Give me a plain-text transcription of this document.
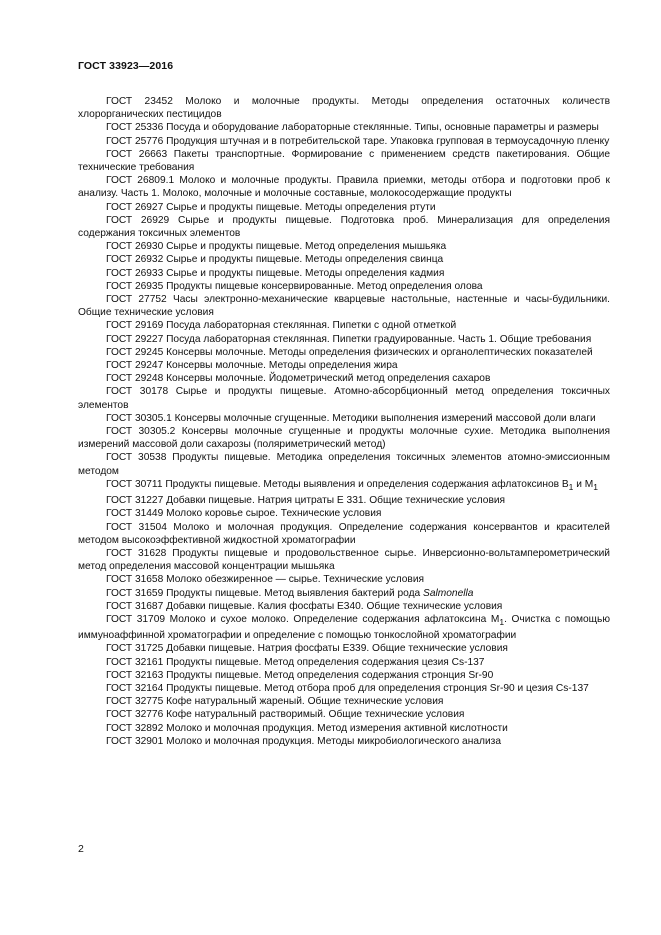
ГОСТ 33923—2016

ГОСТ 23452 Молоко и молочные продукты. Методы определения остаточных количеств хлорорганических пестицидов

ГОСТ 25336 Посуда и оборудование лабораторные стеклянные. Типы, основные параметры и размеры

ГОСТ 25776 Продукция штучная и в потребительской таре. Упаковка групповая в термоусадочную пленку

ГОСТ 26663 Пакеты транспортные. Формирование с применением средств пакетирования. Общие технические требования

ГОСТ 26809.1 Молоко и молочные продукты. Правила приемки, методы отбора и подготовки проб к анализу. Часть 1. Молоко, молочные и молочные составные, молокосодержащие продукты

ГОСТ 26927 Сырье и продукты пищевые. Методы определения ртути

ГОСТ 26929 Сырье и продукты пищевые. Подготовка проб. Минерализация для определения содержания токсичных элементов

ГОСТ 26930 Сырье и продукты пищевые. Метод определения мышьяка

ГОСТ 26932 Сырье и продукты пищевые. Методы определения свинца

ГОСТ 26933 Сырье и продукты пищевые. Методы определения кадмия

ГОСТ 26935 Продукты пищевые консервированные. Метод определения олова

ГОСТ 27752 Часы электронно-механические кварцевые настольные, настенные и часы-будильники. Общие технические условия

ГОСТ 29169 Посуда лабораторная стеклянная. Пипетки с одной отметкой

ГОСТ 29227 Посуда лабораторная стеклянная. Пипетки градуированные. Часть 1. Общие требования

ГОСТ 29245 Консервы молочные. Методы определения физических и органолептических показателей

ГОСТ 29247 Консервы молочные. Методы определения жира

ГОСТ 29248 Консервы молочные. Йодометрический метод определения сахаров

ГОСТ 30178 Сырье и продукты пищевые. Атомно-абсорбционный метод определения токсичных элементов

ГОСТ 30305.1 Консервы молочные сгущенные. Методики выполнения измерений массовой доли влаги

ГОСТ 30305.2 Консервы молочные сгущенные и продукты молочные сухие. Методика выполнения измерений массовой доли сахарозы (поляриметрический метод)

ГОСТ 30538 Продукты пищевые. Методика определения токсичных элементов атомно-эмиссионным методом

ГОСТ 30711 Продукты пищевые. Методы выявления и определения содержания афлатоксинов $B_1$ и $M_1$

ГОСТ 31227 Добавки пищевые. Натрия цитраты Е 331. Общие технические условия

ГОСТ 31449 Молоко коровье сырое. Технические условия

ГОСТ 31504 Молоко и молочная продукция. Определение содержания консервантов и красителей методом высокоэффективной жидкостной хроматографии

ГОСТ 31628 Продукты пищевые и продовольственное сырье. Инверсионно-вольтамперометрический метод определения массовой концентрации мышьяка

ГОСТ 31658 Молоко обезжиренное — сырье. Технические условия

ГОСТ 31659 Продукты пищевые. Метод выявления бактерий рода Salmonella

ГОСТ 31687 Добавки пищевые. Калия фосфаты Е340. Общие технические условия

ГОСТ 31709 Молоко и сухое молоко. Определение содержания афлатоксина $M_1$. Очистка с помощью иммуноаффинной хроматографии и определение с помощью тонкослойной хроматографии

ГОСТ 31725 Добавки пищевые. Натрия фосфаты Е339. Общие технические условия

ГОСТ 32161 Продукты пищевые. Метод определения содержания цезия Cs-137

ГОСТ 32163 Продукты пищевые. Метод определения содержания стронция Sr-90

ГОСТ 32164 Продукты пищевые. Метод отбора проб для определения стронция Sr-90 и цезия Cs-137

ГОСТ 32775 Кофе натуральный жареный. Общие технические условия

ГОСТ 32776 Кофе натуральный растворимый. Общие технические условия

ГОСТ 32892 Молоко и молочная продукция. Метод измерения активной кислотности

ГОСТ 32901 Молоко и молочная продукция. Методы микробиологического анализа

2
